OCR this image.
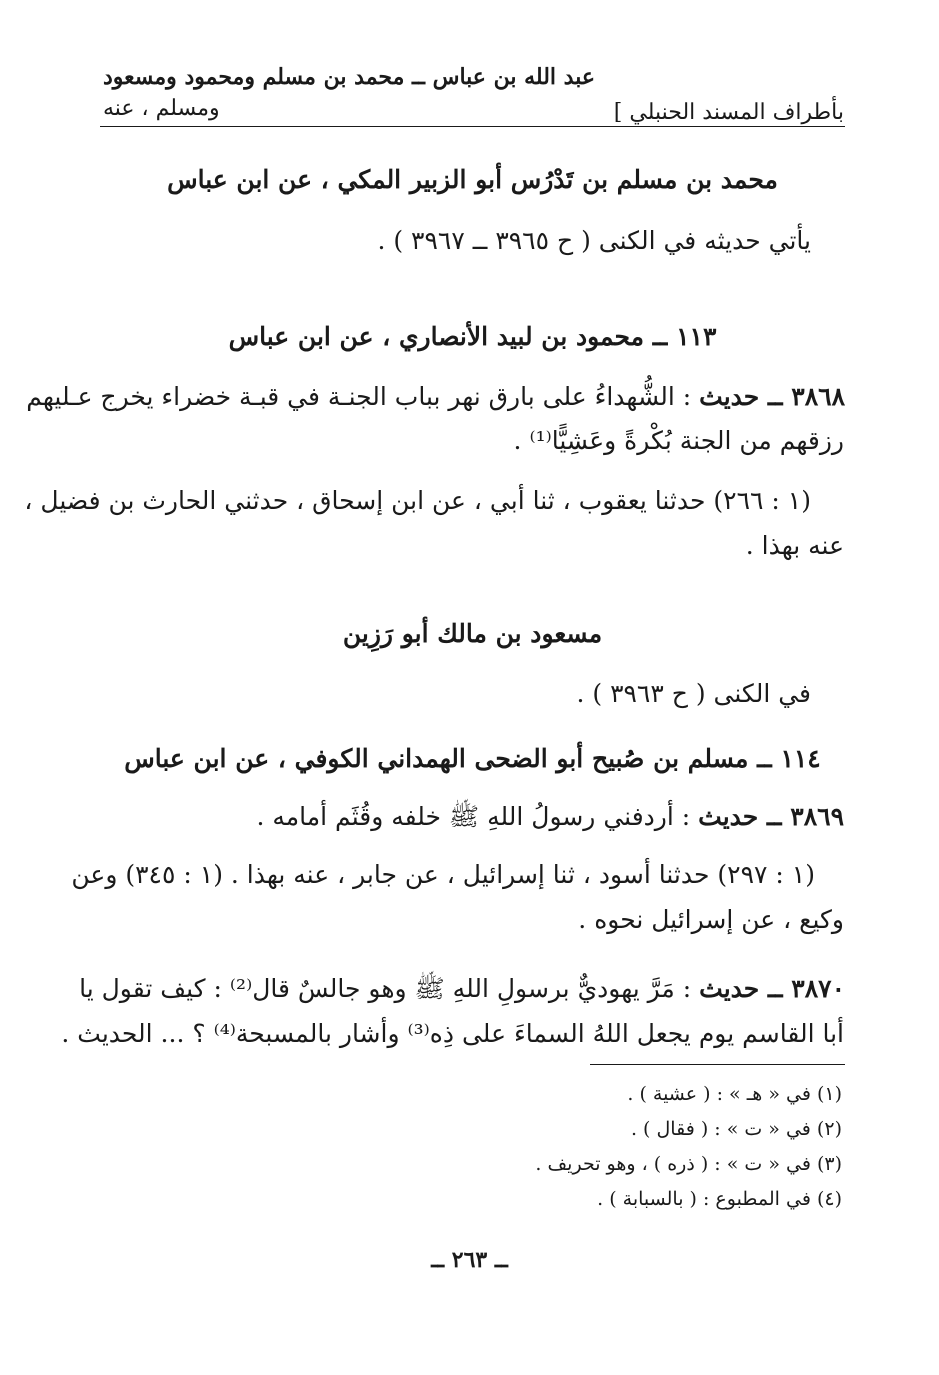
عبد الله بن عباس ــ محمد بن مسلم ومحمود ومسعود
ومسلم ، عنه	بأطراف المسند الحنبلي ]
محمد بن مسلم بن تَدْرُس أبو الزبير المكي ، عن ابن عباس
يأتي حديثه في الكنى ( ح ٣٩٦٥ ــ ٣٩٦٧ ) .
١١٣ ــ محمود بن لبيد الأنصاري ، عن ابن عباس
٣٨٦٨ ــ حديث : الشُّهداءُ على بارق نهر بباب الجنـة في قبـة خضراء يخرج عـليهم
رزقهم من الجنة بُكْرةً وعَشِيًّا⁽¹⁾ .
(١ : ٢٦٦) حدثنا يعقوب ، ثنا أبي ، عن ابن إسحاق ، حدثني الحارث بن فضيل ،
عنه بهذا .
مسعود بن مالك أبو رَزِين
في الكنى ( ح ٣٩٦٣ ) .
١١٤ ــ مسلم بن صُبيح أبو الضحى الهمداني الكوفي ، عن ابن عباس
٣٨٦٩ ــ حديث : أردفني رسولُ اللهِ ﷺ خلفه وقُثَم أمامه .
(١ : ٢٩٧) حدثنا أسود ، ثنا إسرائيل ، عن جابر ، عنه بهذا . (١ : ٣٤٥) وعن
وكيع ، عن إسرائيل نحوه .
٣٨٧٠ ــ حديث : مَرَّ يهوديٌّ برسولِ اللهِ ﷺ وهو جالسٌ قال⁽²⁾ : كيف تقول يا
أبا القاسم يوم يجعل اللهُ السماءَ على ذِه⁽³⁾ وأشار بالمسبحة⁽⁴⁾ ؟ ... الحديث .
(١) في « هـ » : ( عشية ) .
(٢) في « ت » : ( فقال ) .
(٣) في « ت » : ( ذره ) ، وهو تحريف .
(٤) في المطبوع : ( بالسبابة ) .
ــ ٢٦٣ ــ
